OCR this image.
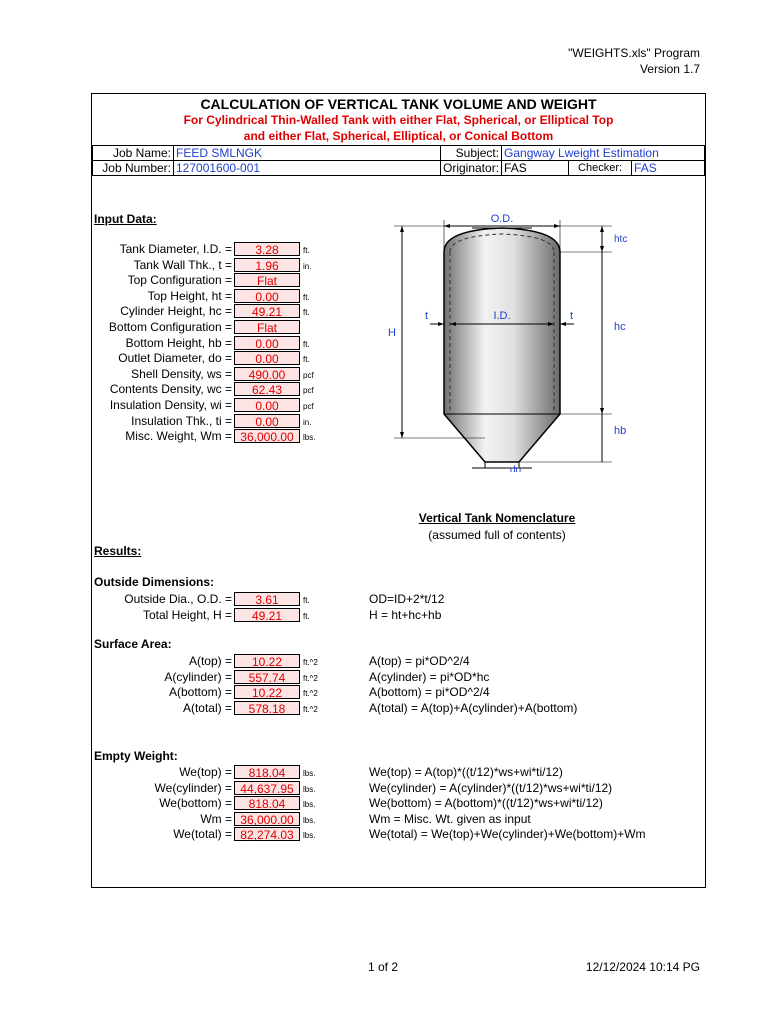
"WEIGHTS.xls" Program
Version 1.7
CALCULATION OF VERTICAL TANK VOLUME AND WEIGHT
For Cylindrical Thin-Walled Tank with either Flat, Spherical, or Elliptical Top
and either Flat, Spherical, Elliptical, or Conical Bottom
Job Name:	FEED SMLNGK	Subject:	Gangway Lweight Estimation		
Job Number:	127001600-001	Originator:	FAS	Checker:	FAS
Input Data:
Tank Diameter, I.D. =	3.28	ft.
Tank Wall Thk., t =	1.96	in.
Top Configuration =	Flat
Top Height, ht =	0.00	ft.
Cylinder Height, hc =	49.21	ft.
Bottom Configuration =	Flat
Bottom Height, hb =	0.00	ft.
Outlet Diameter, do =	0.00	ft.
Shell Density, ws =	490.00	pcf
Contents Density, wc =	62.43	pcf
Insulation Density, wi =	0.00	pcf
Insulation Thk., ti =	0.00	in.
Misc. Weight, Wm = 36,000.00	lbs.
O.D.
I.D.
t	t
H
htc
hc
hb
do
Vertical Tank Nomenclature
(assumed full of contents)
Results:
Outside Dimensions:
Outside Dia., O.D. =	3.61	ft.	OD=ID+2*t/12
Total Height, H =	49.21	ft.	H = ht+hc+hb
Surface Area:
A(top) =	10.22	ft.^2	A(top) = pi*OD^2/4
A(cylinder) =	557.74	ft.^2	A(cylinder) = pi*OD*hc
A(bottom) =	10.22	ft.^2	A(bottom) = pi*OD^2/4
A(total) =	578.18	ft.^2	A(total) = A(top)+A(cylinder)+A(bottom)
Empty Weight:
We(top) =	818.04	lbs.	We(top) = A(top)*((t/12)*ws+wi*ti/12)
We(cylinder) = 44,637.95	lbs.	We(cylinder) = A(cylinder)*((t/12)*ws+wi*ti/12)
We(bottom) =	818.04	lbs.	We(bottom) = A(bottom)*((t/12)*ws+wi*ti/12)
Wm = 36,000.00	lbs.	Wm = Misc. Wt. given as input
We(total) = 82,274.03	lbs.	We(total) = We(top)+We(cylinder)+We(bottom)+Wm
1 of 2	12/12/2024 10:14 PG
